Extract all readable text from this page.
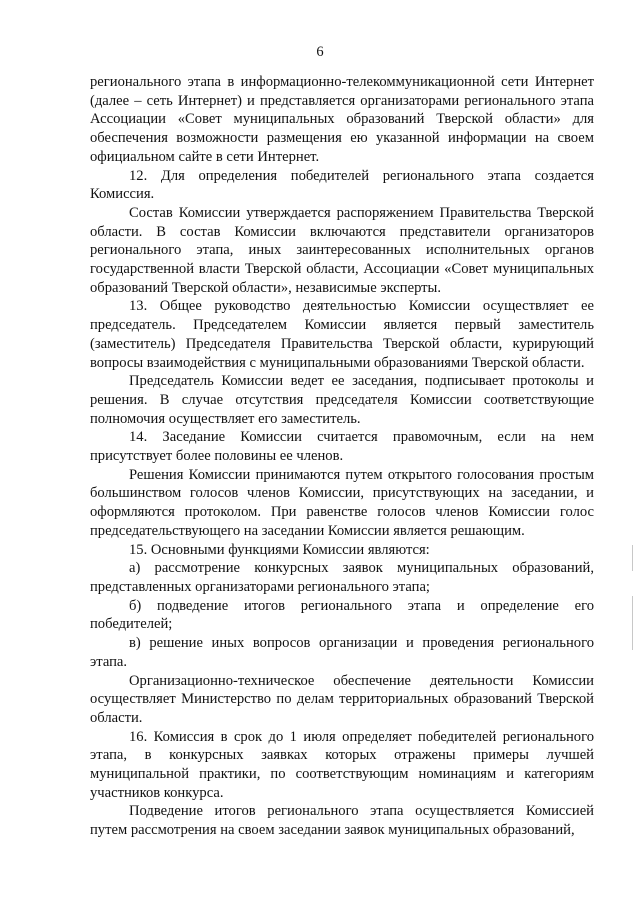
6

регионального этапа в информационно-телекоммуникационной сети Интернет (далее – сеть Интернет) и представляется организаторами регионального этапа Ассоциации «Совет муниципальных образований Тверской области» для обеспечения возможности размещения ею указанной информации на своем официальном сайте в сети Интернет.

12. Для определения победителей регионального этапа создается Комиссия.

Состав Комиссии утверждается распоряжением Правительства Тверской области. В состав Комиссии включаются представители организаторов регионального этапа, иных заинтересованных исполнительных органов государственной власти Тверской области, Ассоциации «Совет муниципальных образований Тверской области», независимые эксперты.

13. Общее руководство деятельностью Комиссии осуществляет ее председатель. Председателем Комиссии является первый заместитель (заместитель) Председателя Правительства Тверской области, курирующий вопросы взаимодействия с муниципальными образованиями Тверской области.

Председатель Комиссии ведет ее заседания, подписывает протоколы и решения. В случае отсутствия председателя Комиссии соответствующие полномочия осуществляет его заместитель.

14. Заседание Комиссии считается правомочным, если на нем присутствует более половины ее членов.

Решения Комиссии принимаются путем открытого голосования простым большинством голосов членов Комиссии, присутствующих на заседании, и оформляются протоколом. При равенстве голосов членов Комиссии голос председательствующего на заседании Комиссии является решающим.

15. Основными функциями Комиссии являются:

а) рассмотрение конкурсных заявок муниципальных образований, представленных организаторами регионального этапа;

б) подведение итогов регионального этапа и определение его победителей;

в) решение иных вопросов организации и проведения регионального этапа.

Организационно-техническое обеспечение деятельности Комиссии осуществляет Министерство по делам территориальных образований Тверской области.

16. Комиссия в срок до 1 июля определяет победителей регионального этапа, в конкурсных заявках которых отражены примеры лучшей муниципальной практики, по соответствующим номинациям и категориям участников конкурса.

Подведение итогов регионального этапа осуществляется Комиссией путем рассмотрения на своем заседании заявок муниципальных образований,
